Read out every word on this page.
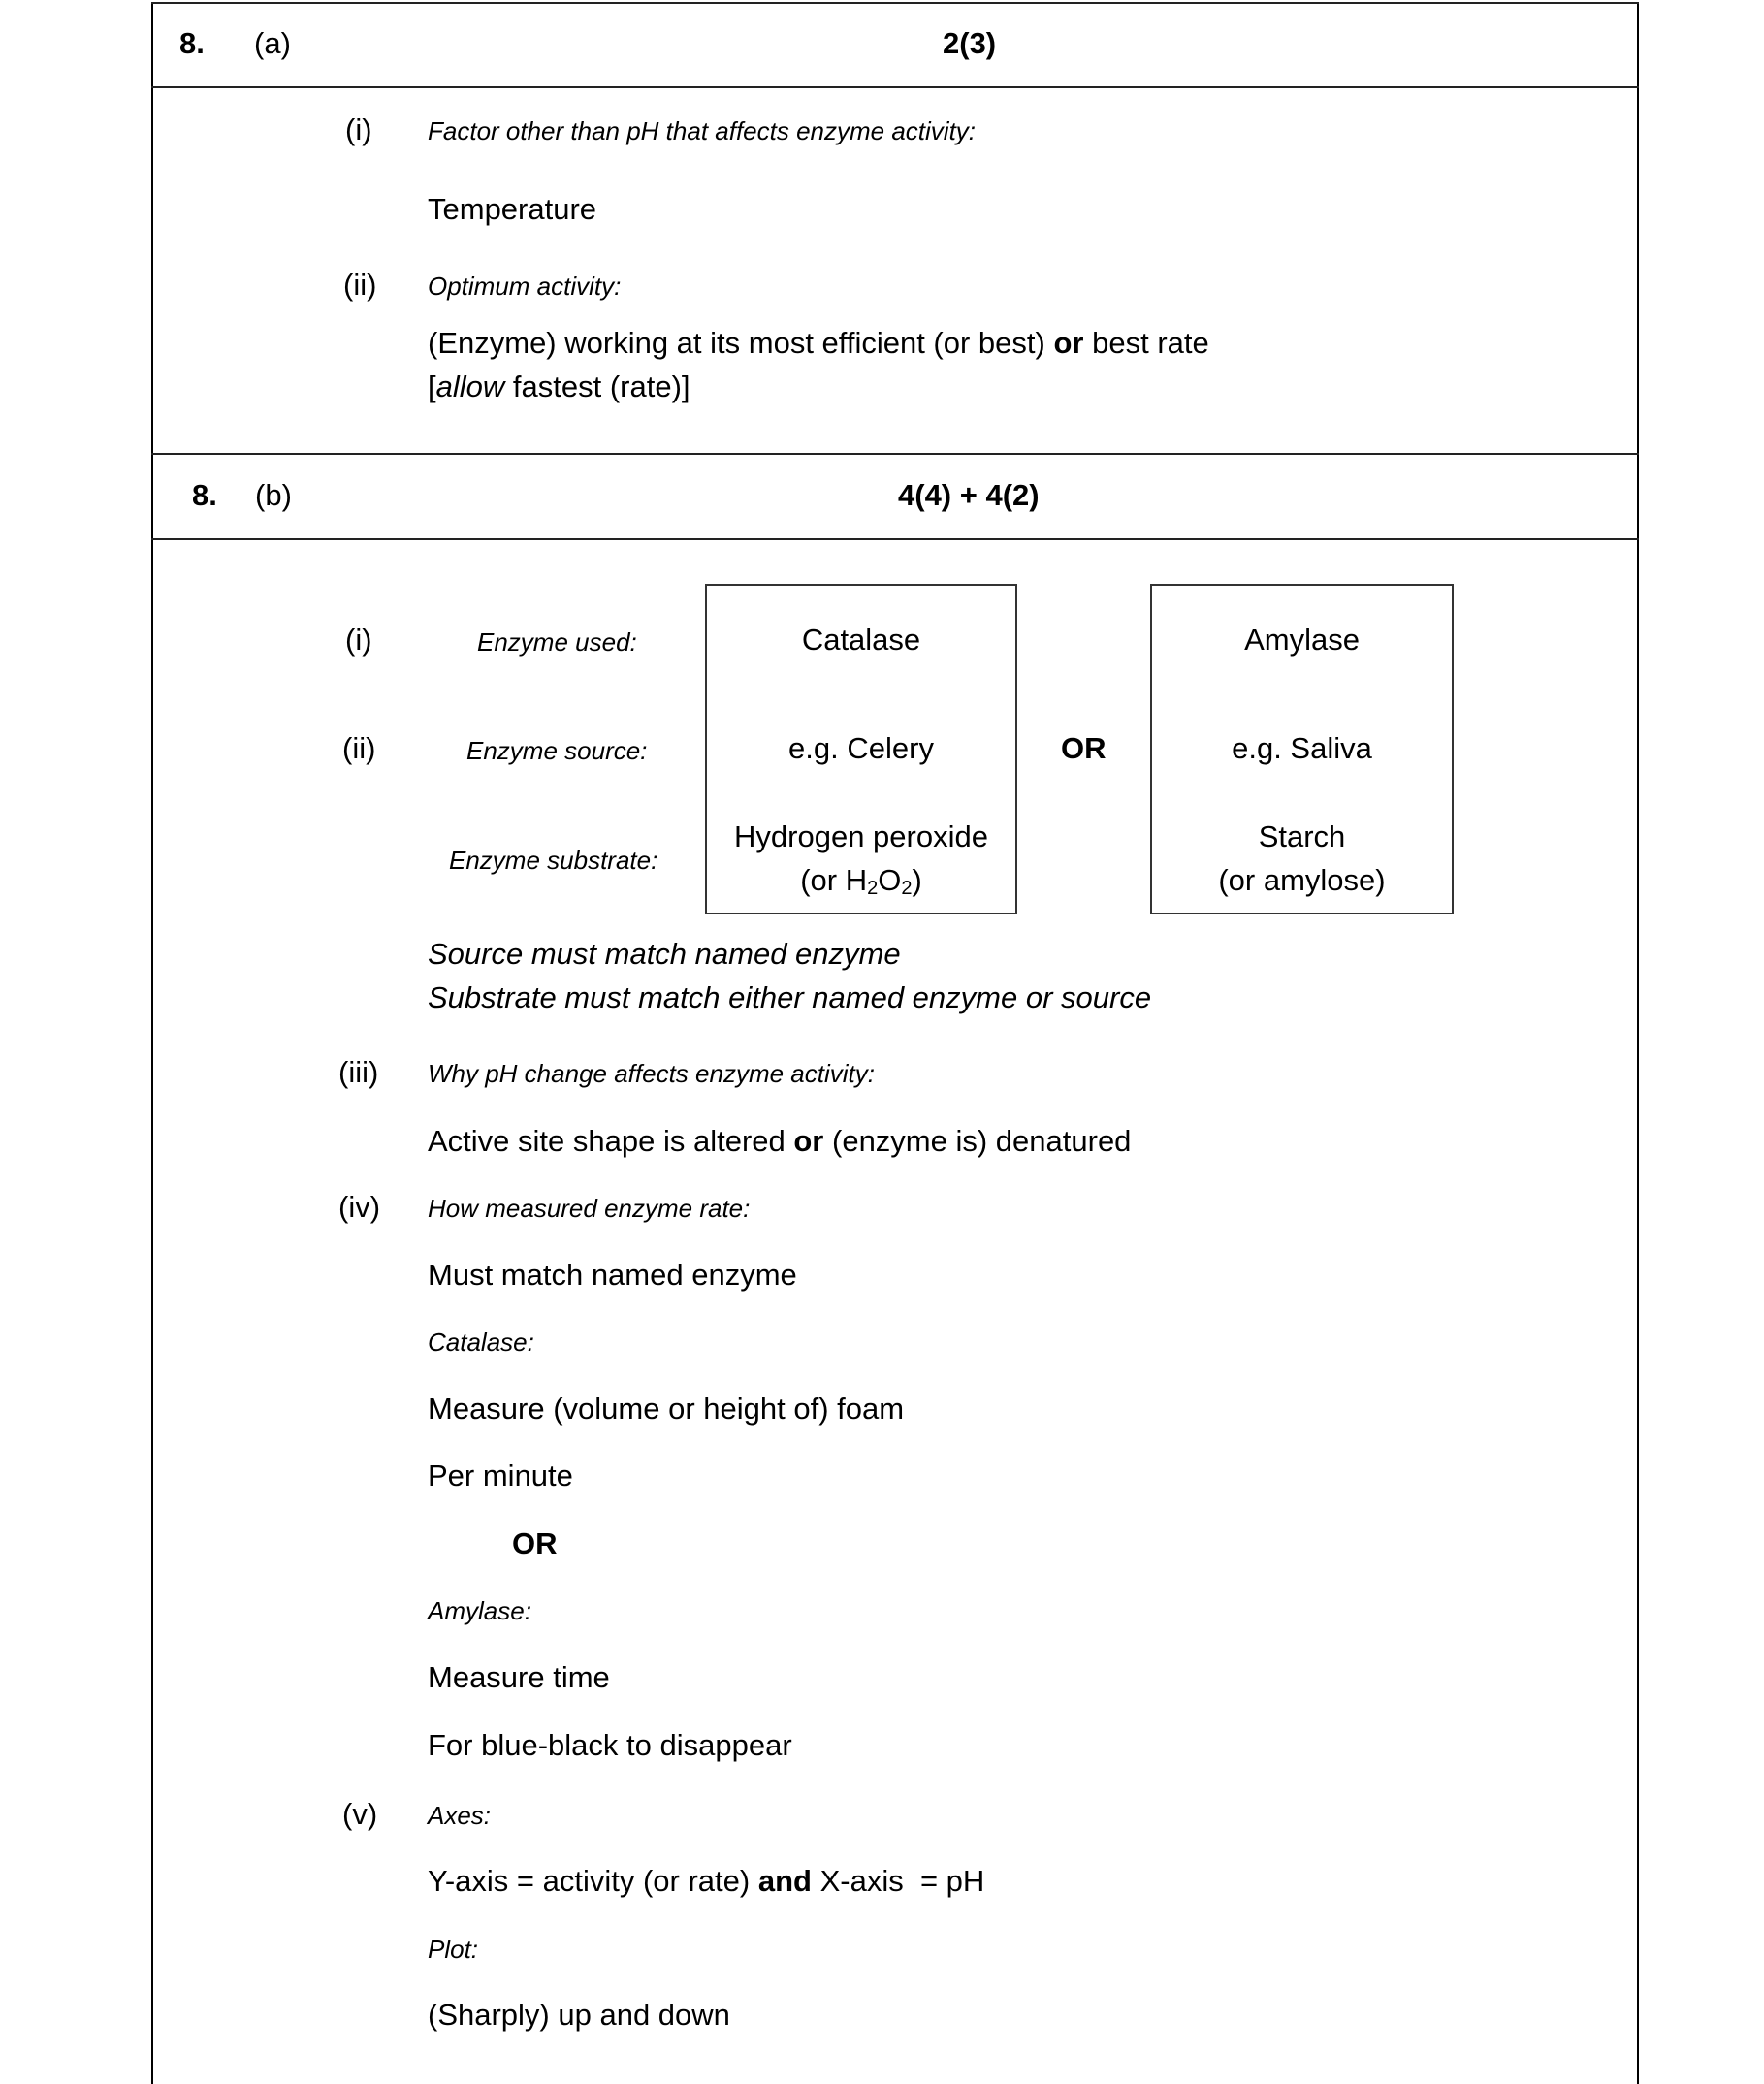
8. (a)	2(3)
(i) Factor other than pH that affects enzyme activity:
Temperature
(ii) Optimum activity:
(Enzyme) working at its most efficient (or best) or best rate
[allow fastest (rate)]
8. (b)	4(4) + 4(2)
(i)
(ii)
Enzyme used:
Enzyme source:
Enzyme substrate:
Catalase
e.g. Celery
Hydrogen peroxide
(or $H_2O_2$)
OR
Amylase
e.g. Saliva
Starch
(or amylose)
Source must match named enzyme
Substrate must match either named enzyme or source
(iii) Why pH change affects enzyme activity:
Active site shape is altered or (enzyme is) denatured
(iv) How measured enzyme rate:
Must match named enzyme
Catalase:
Measure (volume or height of) foam
Per minute
OR
Amylase:
Measure time
For blue-black to disappear
(v) Axes:
Y-axis = activity (or rate) and X-axis  = pH
Plot:
(Sharply) up and down
